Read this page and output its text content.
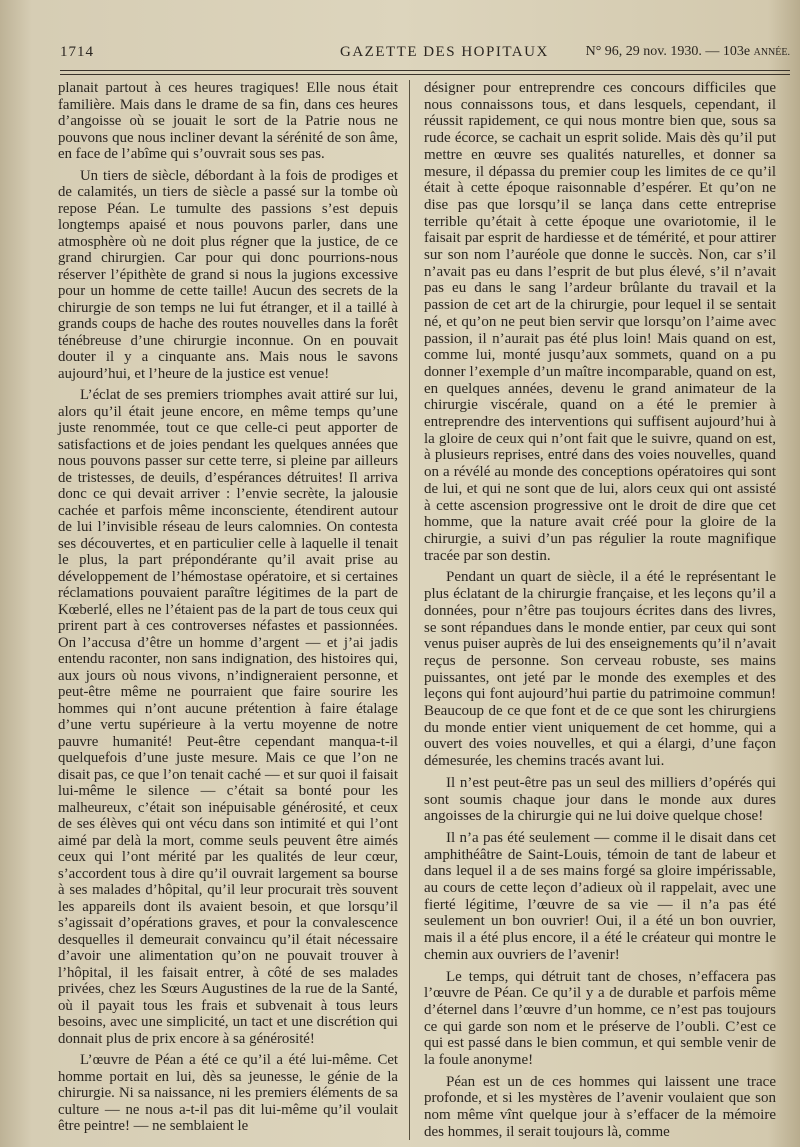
1714	GAZETTE DES HOPITAUX	N° 96, 29 nov. 1930. — 103e ANNÉE.

planait partout à ces heures tragiques! Elle nous était familière. Mais dans le drame de sa fin, dans ces heures d’angoisse où se jouait le sort de la Patrie nous ne pouvons que nous incliner devant la sérénité de son âme, en face de l’abîme qui s’ouvrait sous ses pas.

Un tiers de siècle, débordant à la fois de prodiges et de calamités, un tiers de siècle a passé sur la tombe où repose Péan. Le tumulte des passions s’est depuis longtemps apaisé et nous pouvons parler, dans une atmosphère où ne doit plus régner que la justice, de ce grand chirurgien. Car pour qui donc pourrions-nous réserver l’épithète de grand si nous la jugions excessive pour un homme de cette taille! Aucun des secrets de la chirurgie de son temps ne lui fut étranger, et il a taillé à grands coups de hache des routes nouvelles dans la forêt ténébreuse d’une chirurgie inconnue. On en pouvait douter il y a cinquante ans. Mais nous le savons aujourd’hui, et l’heure de la justice est venue!

L’éclat de ses premiers triomphes avait attiré sur lui, alors qu’il était jeune encore, en même temps qu’une juste renommée, tout ce que celle-ci peut apporter de satisfactions et de joies pendant les quelques années que nous pouvons passer sur cette terre, si pleine par ailleurs de tristesses, de deuils, d’espérances détruites! Il arriva donc ce qui devait arriver : l’envie secrète, la jalousie cachée et parfois même inconsciente, étendirent autour de lui l’invisible réseau de leurs calomnies. On contesta ses découvertes, et en particulier celle à laquelle il tenait le plus, la part prépondérante qu’il avait prise au développement de l’hémostase opératoire, et si certaines réclamations pouvaient paraître légitimes de la part de Kœberlé, elles ne l’étaient pas de la part de tous ceux qui prirent part à ces controverses néfastes et passionnées. On l’accusa d’être un homme d’argent — et j’ai jadis entendu raconter, non sans indignation, des histoires qui, aux jours où nous vivons, n’indigneraient personne, et peut-être même ne pourraient que faire sourire les hommes qui n’ont aucune prétention à faire étalage d’une vertu supérieure à la vertu moyenne de notre pauvre humanité! Peut-être cependant manqua-t-il quelquefois d’une juste mesure. Mais ce que l’on ne disait pas, ce que l’on tenait caché — et sur quoi il faisait lui-même le silence — c’était sa bonté pour les malheureux, c’était son inépuisable générosité, et ceux de ses élèves qui ont vécu dans son intimité et qui l’ont aimé par delà la mort, comme seuls peuvent être aimés ceux qui l’ont mérité par les qualités de leur cœur, s’accordent tous à dire qu’il ouvrait largement sa bourse à ses malades d’hôpital, qu’il leur procurait très souvent les appareils dont ils avaient besoin, et que lorsqu’il s’agissait d’opérations graves, et pour la convalescence desquelles il demeurait convaincu qu’il était nécessaire d’avoir une alimentation qu’on ne pouvait trouver à l’hôpital, il les faisait entrer, à côté de ses malades privées, chez les Sœurs Augustines de la rue de la Santé, où il payait tous les frais et subvenait à tous leurs besoins, avec une simplicité, un tact et une discrétion qui donnait plus de prix encore à sa générosité!

L’œuvre de Péan a été ce qu’il a été lui-même. Cet homme portait en lui, dès sa jeunesse, le génie de la chirurgie. Ni sa naissance, ni les premiers éléments de sa culture — ne nous a-t-il pas dit lui-même qu’il voulait être peintre! — ne semblaient le

désigner pour entreprendre ces concours difficiles que nous connaissons tous, et dans lesquels, cependant, il réussit rapidement, ce qui nous montre bien que, sous sa rude écorce, se cachait un esprit solide. Mais dès qu’il put mettre en œuvre ses qualités naturelles, et donner sa mesure, il dépassa du premier coup les limites de ce qu’il était à cette époque raisonnable d’espérer. Et qu’on ne dise pas que lorsqu’il se lança dans cette entreprise terrible qu’était à cette époque une ovariotomie, il le faisait par esprit de hardiesse et de témérité, et pour attirer sur son nom l’auréole que donne le succès. Non, car s’il n’avait pas eu dans l’esprit de but plus élevé, s’il n’avait pas eu dans le sang l’ardeur brûlante du travail et la passion de cet art de la chirurgie, pour lequel il se sentait né, et qu’on ne peut bien servir que lorsqu’on l’aime avec passion, il n’aurait pas été plus loin! Mais quand on est, comme lui, monté jusqu’aux sommets, quand on a pu donner l’exemple d’un maître incomparable, quand on est, en quelques années, devenu le grand animateur de la chirurgie viscérale, quand on a été le premier à entreprendre des interventions qui suffisent aujourd’hui à la gloire de ceux qui n’ont fait que le suivre, quand on est, à plusieurs reprises, entré dans des voies nouvelles, quand on a révélé au monde des conceptions opératoires qui sont de lui, et qui ne sont que de lui, alors ceux qui ont assisté à cette ascension progressive ont le droit de dire que cet homme, que la nature avait créé pour la gloire de la chirurgie, a suivi d’un pas régulier la route magnifique tracée par son destin.

Pendant un quart de siècle, il a été le représentant le plus éclatant de la chirurgie française, et les leçons qu’il a données, pour n’être pas toujours écrites dans des livres, se sont répandues dans le monde entier, par ceux qui sont venus puiser auprès de lui des enseignements qu’il n’avait reçus de personne. Son cerveau robuste, ses mains puissantes, ont jeté par le monde des exemples et des leçons qui font aujourd’hui partie du patrimoine commun! Beaucoup de ce que font et de ce que sont les chirurgiens du monde entier vient uniquement de cet homme, qui a ouvert des voies nouvelles, et qui a élargi, d’une façon démesurée, les chemins tracés avant lui.

Il n’est peut-être pas un seul des milliers d’opérés qui sont soumis chaque jour dans le monde aux dures angoisses de la chirurgie qui ne lui doive quelque chose!

Il n’a pas été seulement — comme il le disait dans cet amphithéâtre de Saint-Louis, témoin de tant de labeur et dans lequel il a de ses mains forgé sa gloire impérissable, au cours de cette leçon d’adieux où il rappelait, avec une fierté légitime, l’œuvre de sa vie — il n’a pas été seulement un bon ouvrier! Oui, il a été un bon ouvrier, mais il a été plus encore, il a été le créateur qui montre le chemin aux ouvriers de l’avenir!

Le temps, qui détruit tant de choses, n’effacera pas l’œuvre de Péan. Ce qu’il y a de durable et parfois même d’éternel dans l’œuvre d’un homme, ce n’est pas toujours ce qui garde son nom et le préserve de l’oubli. C’est ce qui est passé dans le bien commun, et qui semble venir de la foule anonyme!

Péan est un de ces hommes qui laissent une trace profonde, et si les mystères de l’avenir voulaient que son nom même vînt quelque jour à s’effacer de la mémoire des hommes, il serait toujours là, comme
